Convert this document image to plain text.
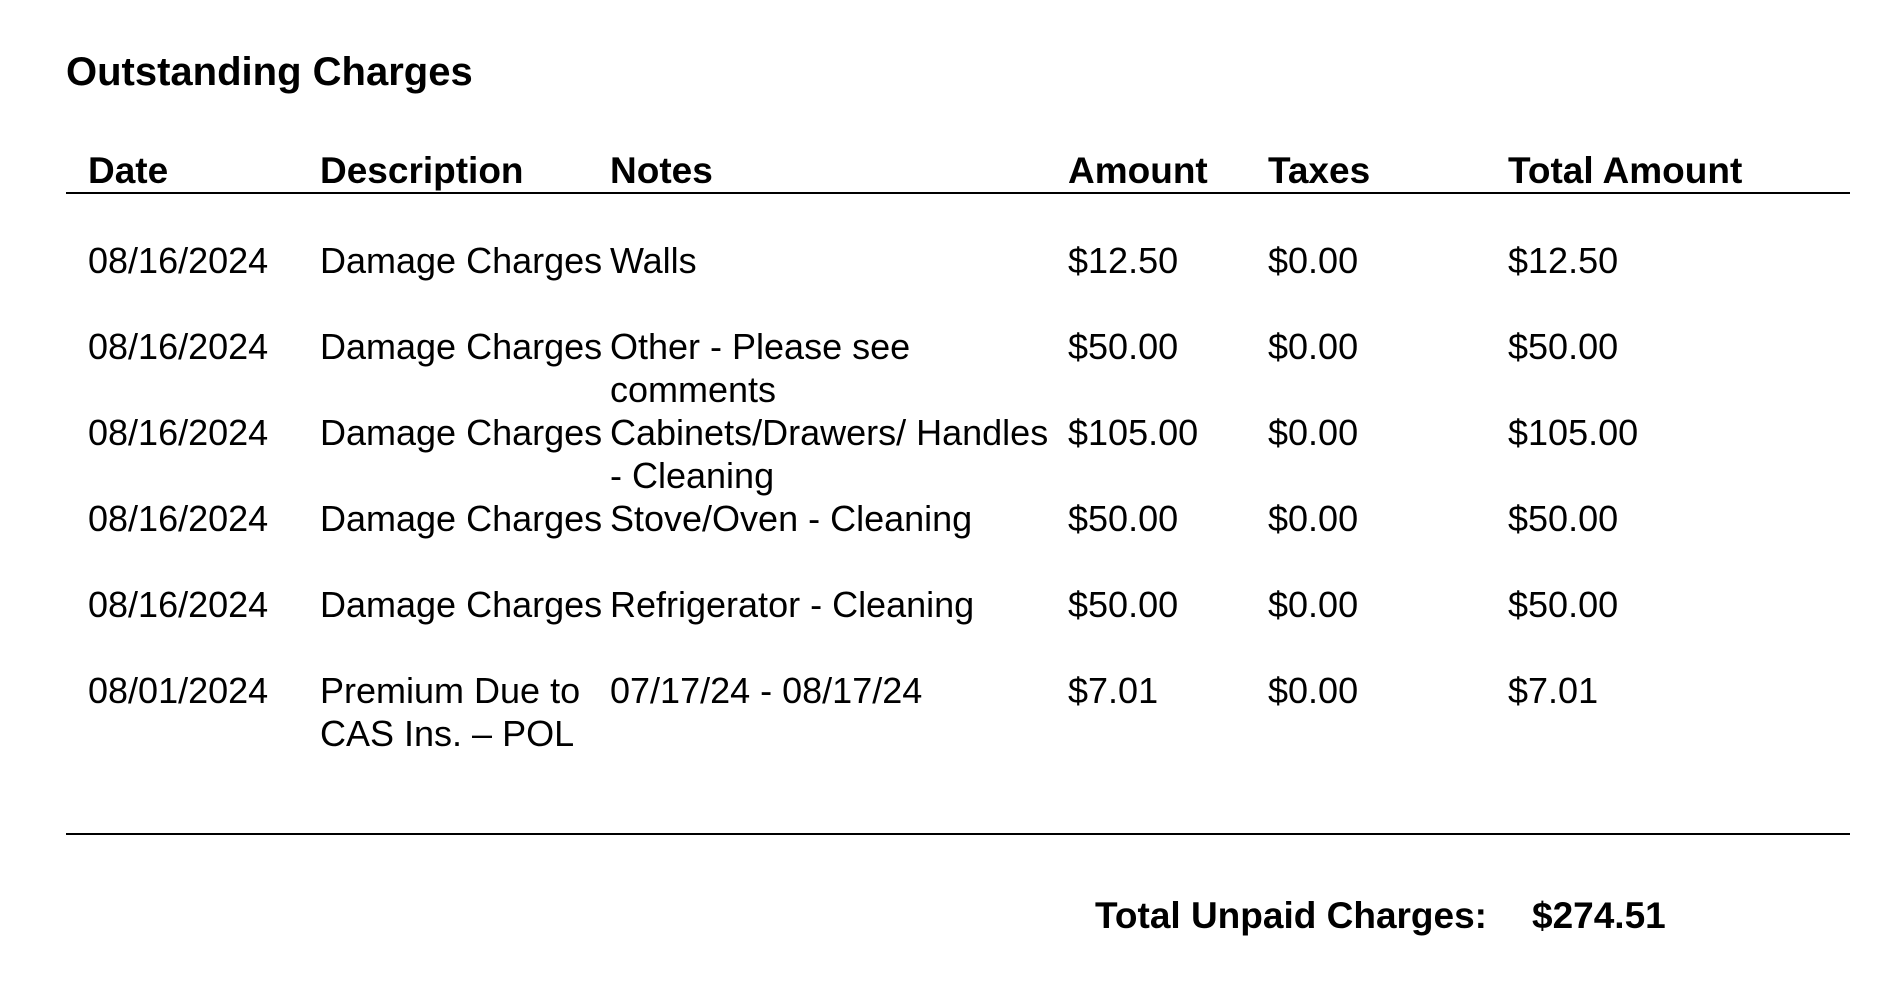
Outstanding Charges
Date	Description	Notes	Amount	Taxes	Total Amount

08/16/2024	Damage Charges	Walls	$12.50	$0.00	$12.50
08/16/2024	Damage Charges	Other - Please see comments	$50.00	$0.00	$50.00
08/16/2024	Damage Charges	Cabinets/Drawers/ Handles - Cleaning	$105.00	$0.00	$105.00
08/16/2024	Damage Charges	Stove/Oven - Cleaning	$50.00	$0.00	$50.00
08/16/2024	Damage Charges	Refrigerator - Cleaning	$50.00	$0.00	$50.00
08/01/2024	Premium Due to CAS Ins. – POL	07/17/24 - 08/17/24	$7.01	$0.00	$7.01

Total Unpaid Charges: $274.51
